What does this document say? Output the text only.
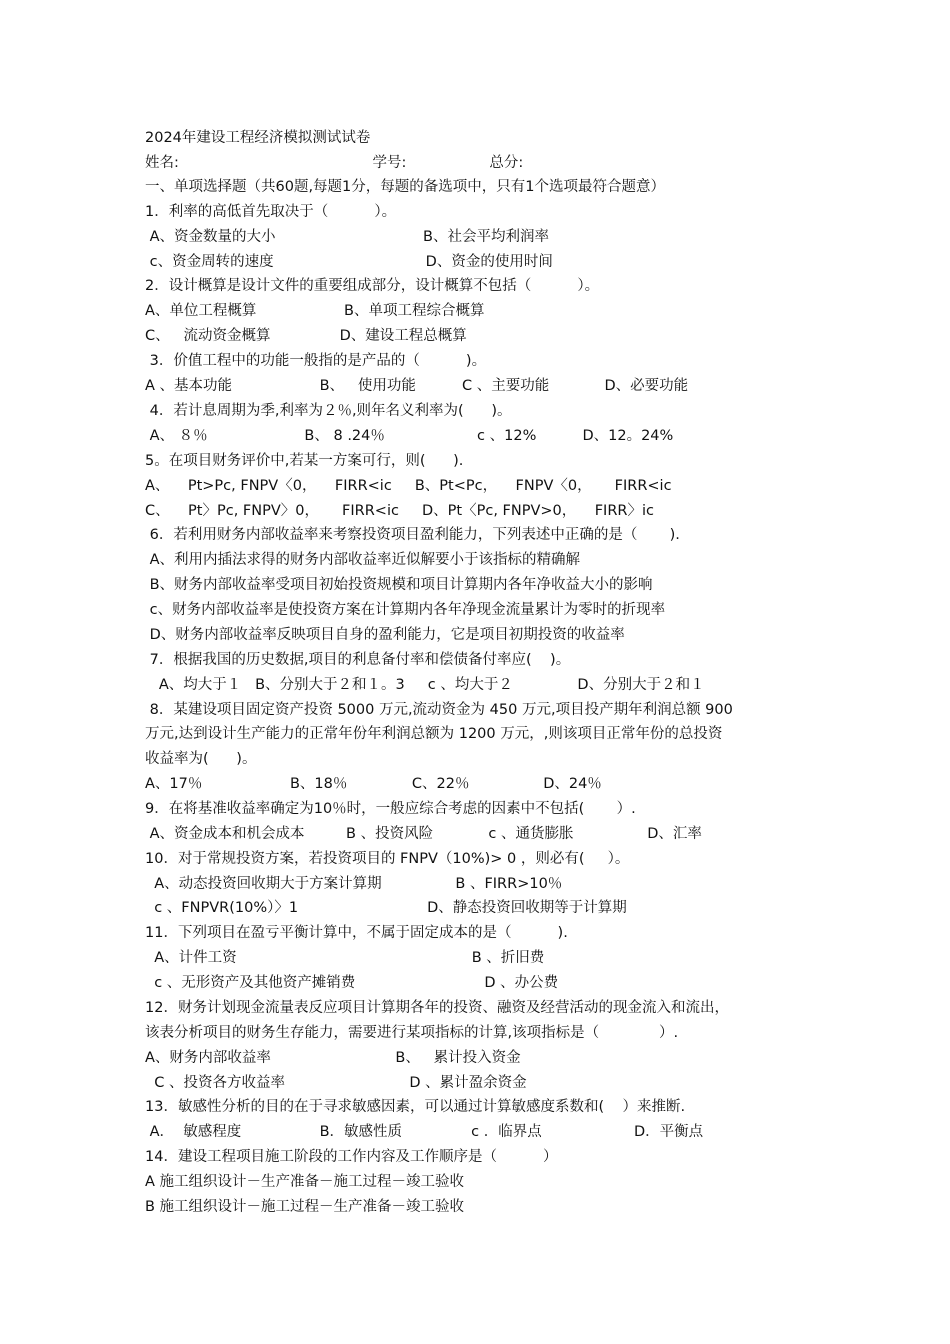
2024年建设工程经济模拟测试试卷
姓名:                                          学号:                  总分:
一、单项选择题（共60题,每题1分，每题的备选项中，只有1个选项最符合题意）
1．利率的高低首先取决于（          ）。
A、资金数量的大小                                B、社会平均利润率
c、资金周转的速度                                 D、资金的使用时间
2．设计概算是设计文件的重要组成部分，设计概算不包括（          ）。
A、单位工程概算                   B、单项工程综合概算
C、   流动资金概算               D、建设工程总概算
3．价值工程中的功能一般指的是产品的（          )。
A 、基本功能                   B、   使用功能          C 、主要功能            D、必要功能
4．若计息周期为季,利率为２％,则年名义利率为(      )。
A、 ８％                     B、 8 .24％                    c 、12%          D、12。24%
5。在项目财务评价中,若某一方案可行，则(      ).
A、    Pt>Pc, FNPV〈0，    FIRR<ic     B、Pt<Pc，    FNPV〈0，     FIRR<ic
C、    Pt〉Pc, FNPV〉0，     FIRR<ic     D、Pt〈Pc, FNPV>0，    FIRR〉ic
6．若利用财务内部收益率来考察投资项目盈利能力，下列表述中正确的是（       ).
A、利用内插法求得的财务内部收益率近似解要小于该指标的精确解
B、财务内部收益率受项目初始投资规模和项目计算期内各年净收益大小的影响
c、财务内部收益率是使投资方案在计算期内各年净现金流量累计为零时的折现率
D、财务内部收益率反映项目自身的盈利能力，它是项目初期投资的收益率
7．根据我国的历史数据,项目的利息备付率和偿债备付率应(    )。
A、均大于１   B、分别大于２和１。3     c 、均大于２              D、分别大于２和１
8．某建设项目固定资产投资 5000 万元,流动资金为 450 万元,项目投产期年利润总额 900
万元,达到设计生产能力的正常年份年利润总额为 1200 万元，,则该项目正常年份的总投资
收益率为(      )。
A、17％                   B、18％              C、22％                D、24％
9．在将基准收益率确定为10％时，一般应综合考虑的因素中不包括(       ）.
A、资金成本和机会成本         B 、投资风险            c 、通货膨胀                D、汇率
10．对于常规投资方案，若投资项目的 FNPV（10%)> 0 ，则必有(     ）。
A、动态投资回收期大于方案计算期                B 、FIRR>10％
c 、FNPVR(10%）〉1                            D、静态投资回收期等于计算期
11．下列项目在盈亏平衡计算中，不属于固定成本的是（          ).
A、计件工资                                                   B 、折旧费
c 、无形资产及其他资产摊销费                            D 、办公费
12．财务计划现金流量表反应项目计算期各年的投资、融资及经营活动的现金流入和流出，
该表分析项目的财务生存能力，需要进行某项指标的计算,该项指标是（             ）.
A、财务内部收益率                           B、   累计投入资金
C 、投资各方收益率                           D 、累计盈余资金
13．敏感性分析的目的在于寻求敏感因素，可以通过计算敏感度系数和(    ）来推断.
A．  敏感程度                 B．敏感性质               c ．临界点                    D．平衡点
14．建设工程项目施工阶段的工作内容及工作顺序是（          ）
A 施工组织设计－生产准备－施工过程－竣工验收
B 施工组织设计－施工过程－生产准备－竣工验收
